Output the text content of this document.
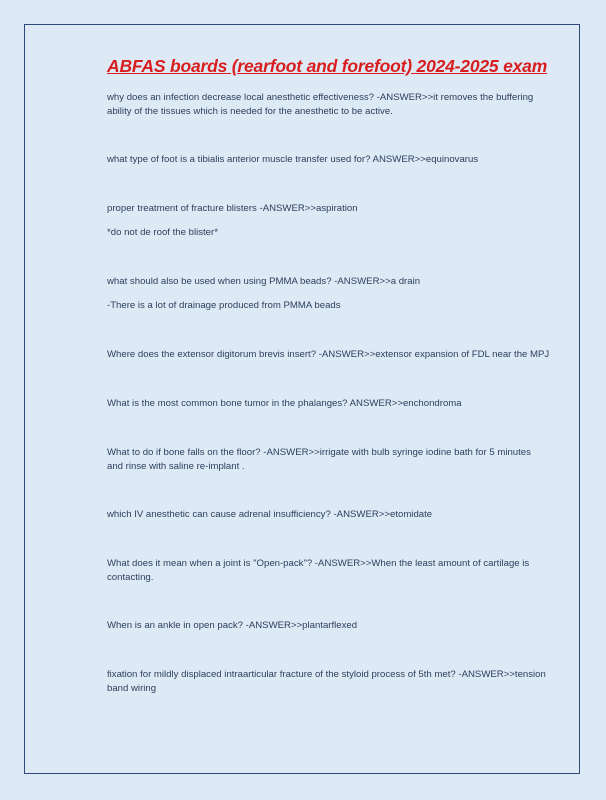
ABFAS boards (rearfoot and forefoot) 2024-2025 exam

why does an infection decrease local anesthetic effectiveness? -ANSWER>>it removes the buffering ability of the tissues which is needed for the anesthetic to be active.

what type of foot is a tibialis anterior muscle transfer used for? ANSWER>>equinovarus

proper treatment of fracture blisters -ANSWER>>aspiration

*do not de roof the blister*

what should also be used when using PMMA beads? -ANSWER>>a drain

-There is a lot of drainage produced from PMMA beads

Where does the extensor digitorum brevis insert? -ANSWER>>extensor expansion of FDL near the MPJ

What is the most common bone tumor in the phalanges? ANSWER>>enchondroma

What to do if bone falls on the floor? -ANSWER>>irrigate with bulb syringe iodine bath for 5 minutes and rinse with saline re-implant .

which IV anesthetic can cause adrenal insufficiency? -ANSWER>>etomidate

What does it mean when a joint is "Open-pack"? -ANSWER>>When the least amount of cartilage is contacting.

When is an ankle in open pack? -ANSWER>>plantarflexed

fixation for mildly displaced intraarticular fracture of the styloid process of 5th met? -ANSWER>>tension band wiring
